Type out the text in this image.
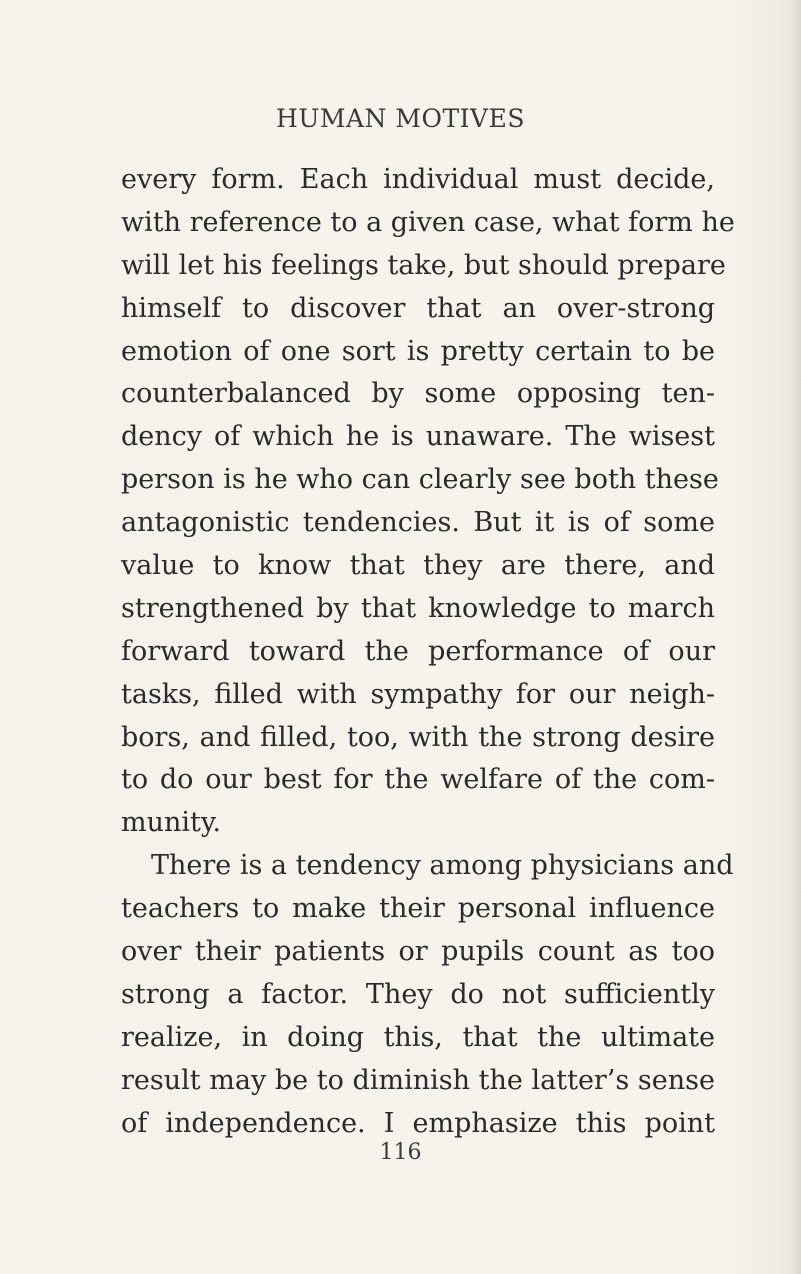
HUMAN MOTIVES
every form. Each individual must decide,
with reference to a given case, what form he
will let his feelings take, but should prepare
himself to discover that an over-strong
emotion of one sort is pretty certain to be
counterbalanced by some opposing ten-
dency of which he is unaware. The wisest
person is he who can clearly see both these
antagonistic tendencies. But it is of some
value to know that they are there, and
strengthened by that knowledge to march
forward toward the performance of our
tasks, filled with sympathy for our neigh-
bors, and filled, too, with the strong desire
to do our best for the welfare of the com-
munity.
There is a tendency among physicians and
teachers to make their personal influence
over their patients or pupils count as too
strong a factor. They do not sufficiently
realize, in doing this, that the ultimate
result may be to diminish the latter’s sense
of independence. I emphasize this point
116
